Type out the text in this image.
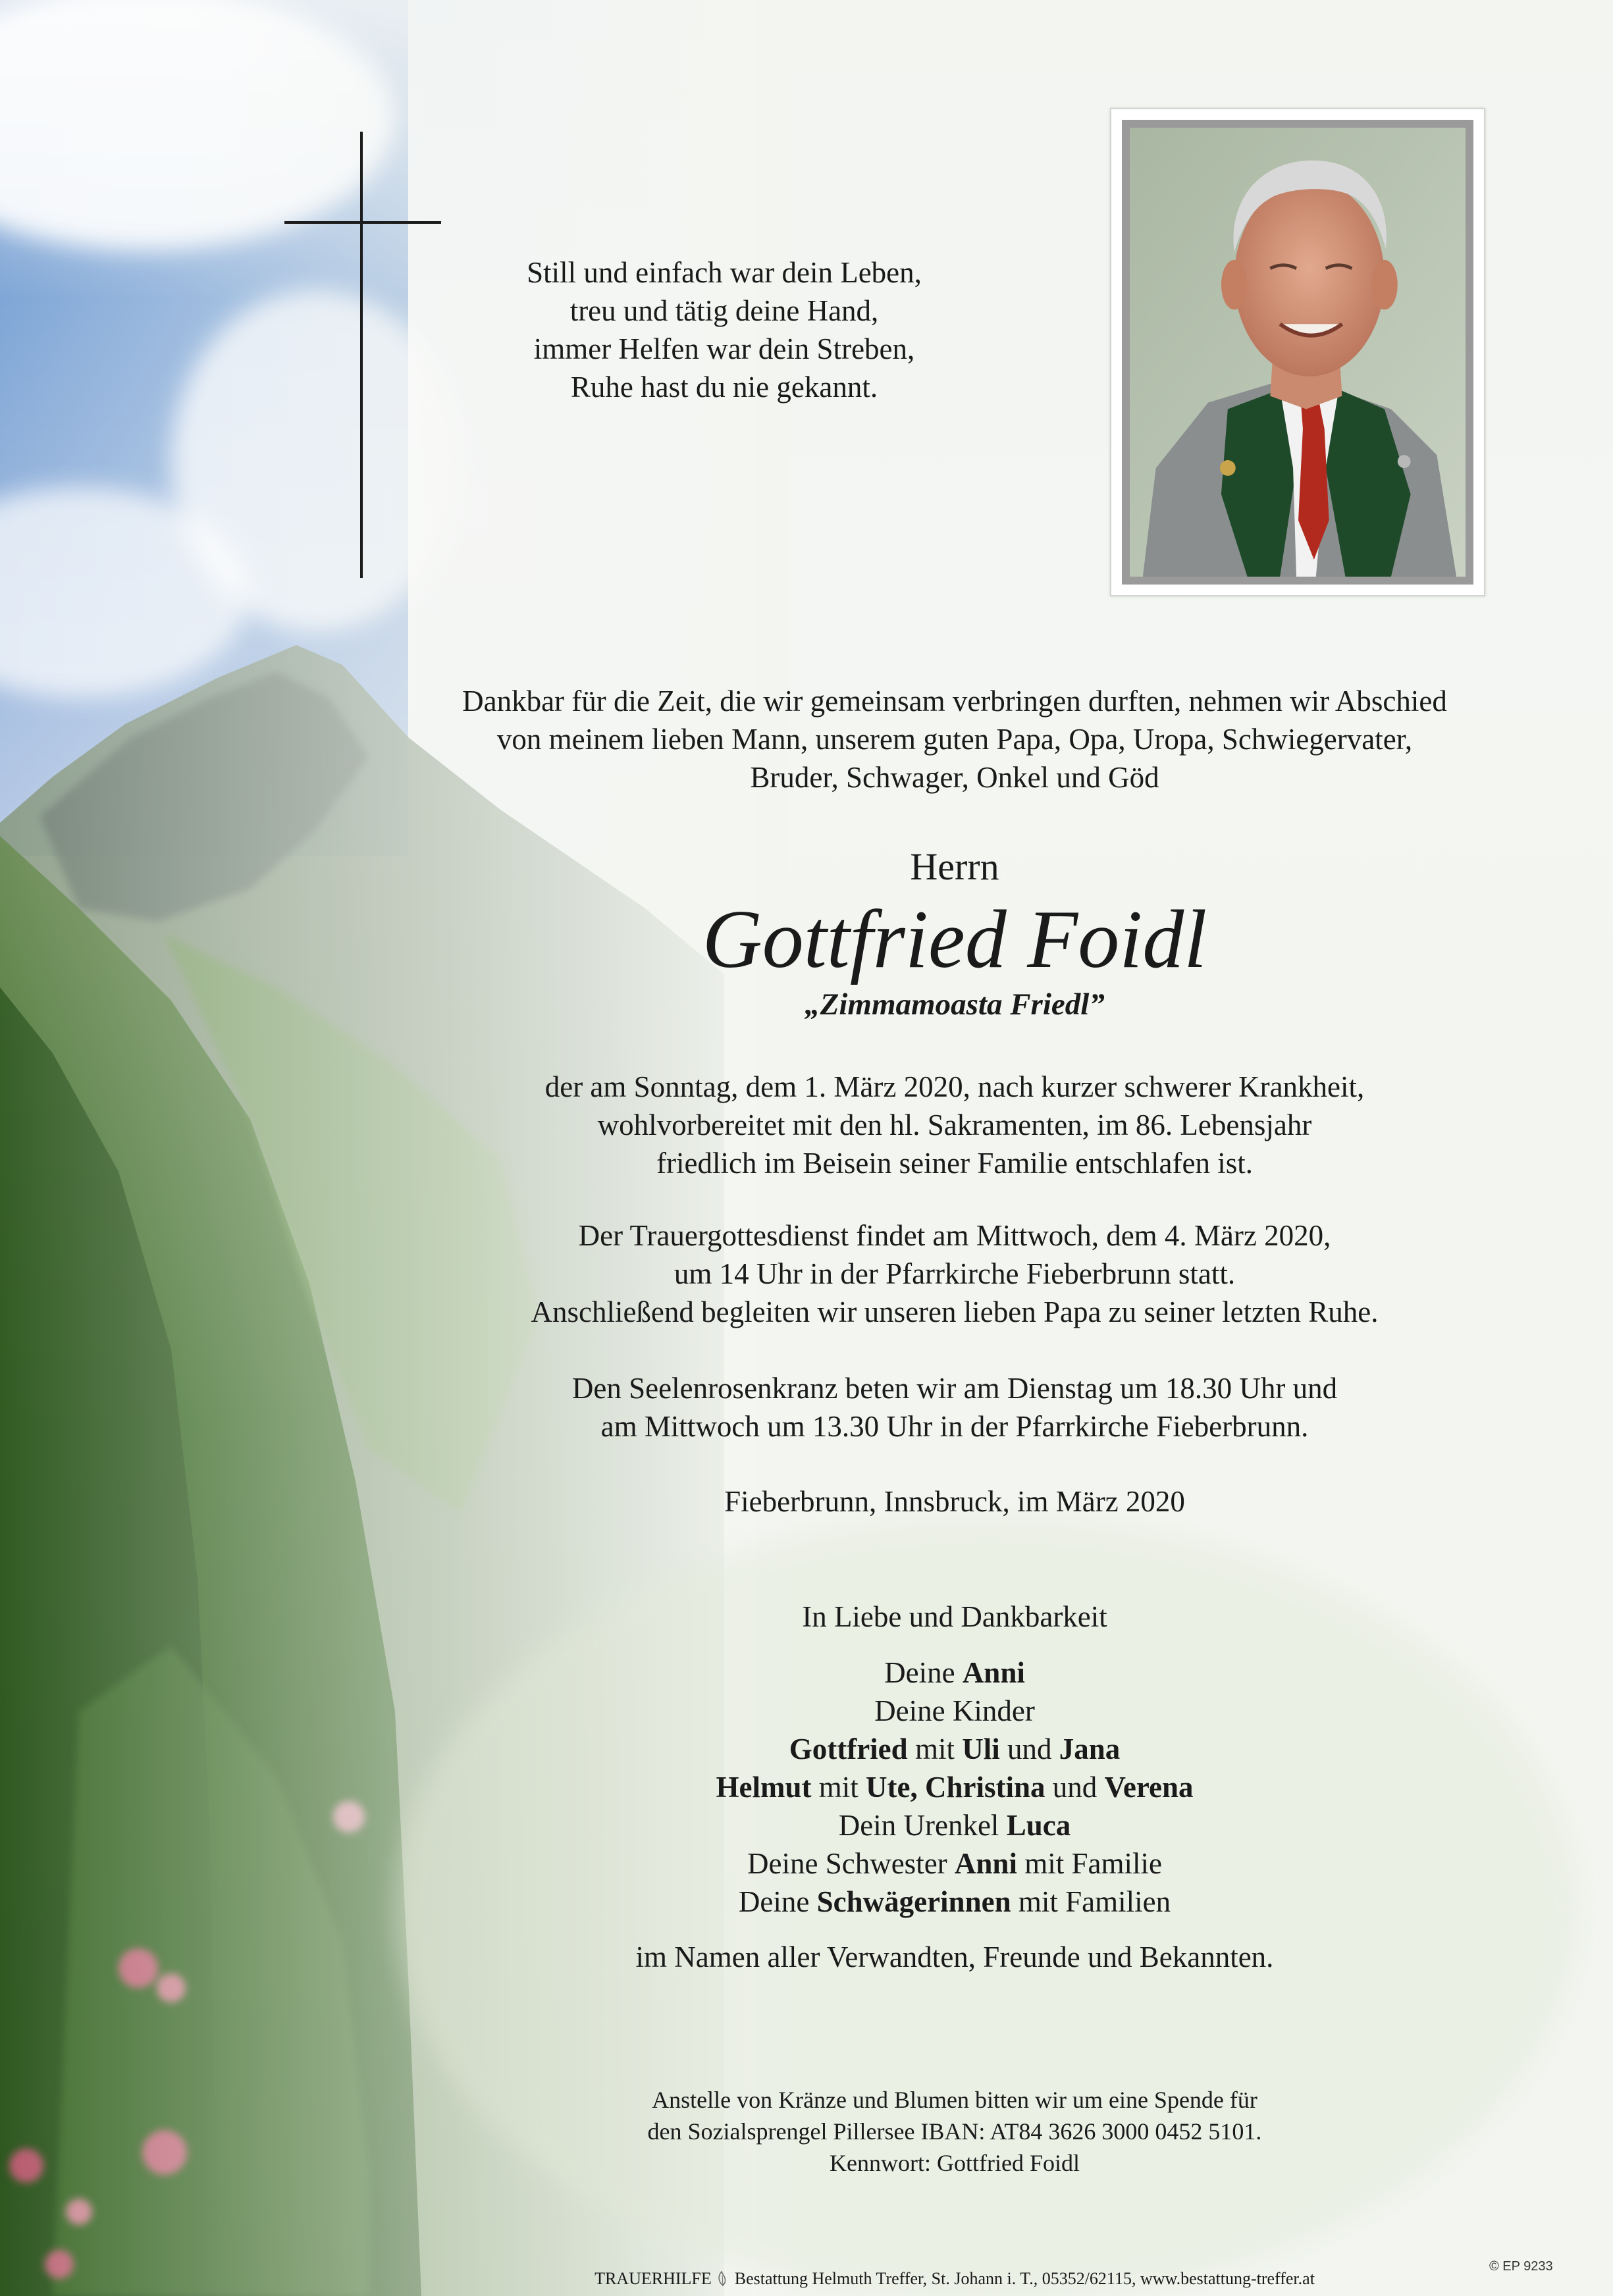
Still und einfach war dein Leben,
treu und tätig deine Hand,
immer Helfen war dein Streben,
Ruhe hast du nie gekannt.
Dankbar für die Zeit, die wir gemeinsam verbringen durften, nehmen wir Abschied
von meinem lieben Mann, unserem guten Papa, Opa, Uropa, Schwiegervater,
Bruder, Schwager, Onkel und Göd
Herrn
Gottfried Foidl
„Zimmamoasta Friedl”
der am Sonntag, dem 1. März 2020, nach kurzer schwerer Krankheit,
wohlvorbereitet mit den hl. Sakramenten, im 86. Lebensjahr
friedlich im Beisein seiner Familie entschlafen ist.
Der Trauergottesdienst findet am Mittwoch, dem 4. März 2020,
um 14 Uhr in der Pfarrkirche Fieberbrunn statt.
Anschließend begleiten wir unseren lieben Papa zu seiner letzten Ruhe.
Den Seelenrosenkranz beten wir am Dienstag um 18.30 Uhr und
am Mittwoch um 13.30 Uhr in der Pfarrkirche Fieberbrunn.
Fieberbrunn, Innsbruck, im März 2020
In Liebe und Dankbarkeit
Deine Anni
Deine Kinder
Gottfried mit Uli und Jana
Helmut mit Ute, Christina und Verena
Dein Urenkel Luca
Deine Schwester Anni mit Familie
Deine Schwägerinnen mit Familien
im Namen aller Verwandten, Freunde und Bekannten.
Anstelle von Kränze und Blumen bitten wir um eine Spende für
den Sozialsprengel Pillersee IBAN: AT84 3626 3000 0452 5101.
Kennwort: Gottfried Foidl
TRAUERHILFE Bestattung Helmuth Treffer, St. Johann i. T., 05352/62115, www.bestattung-treffer.at
© EP 9233
